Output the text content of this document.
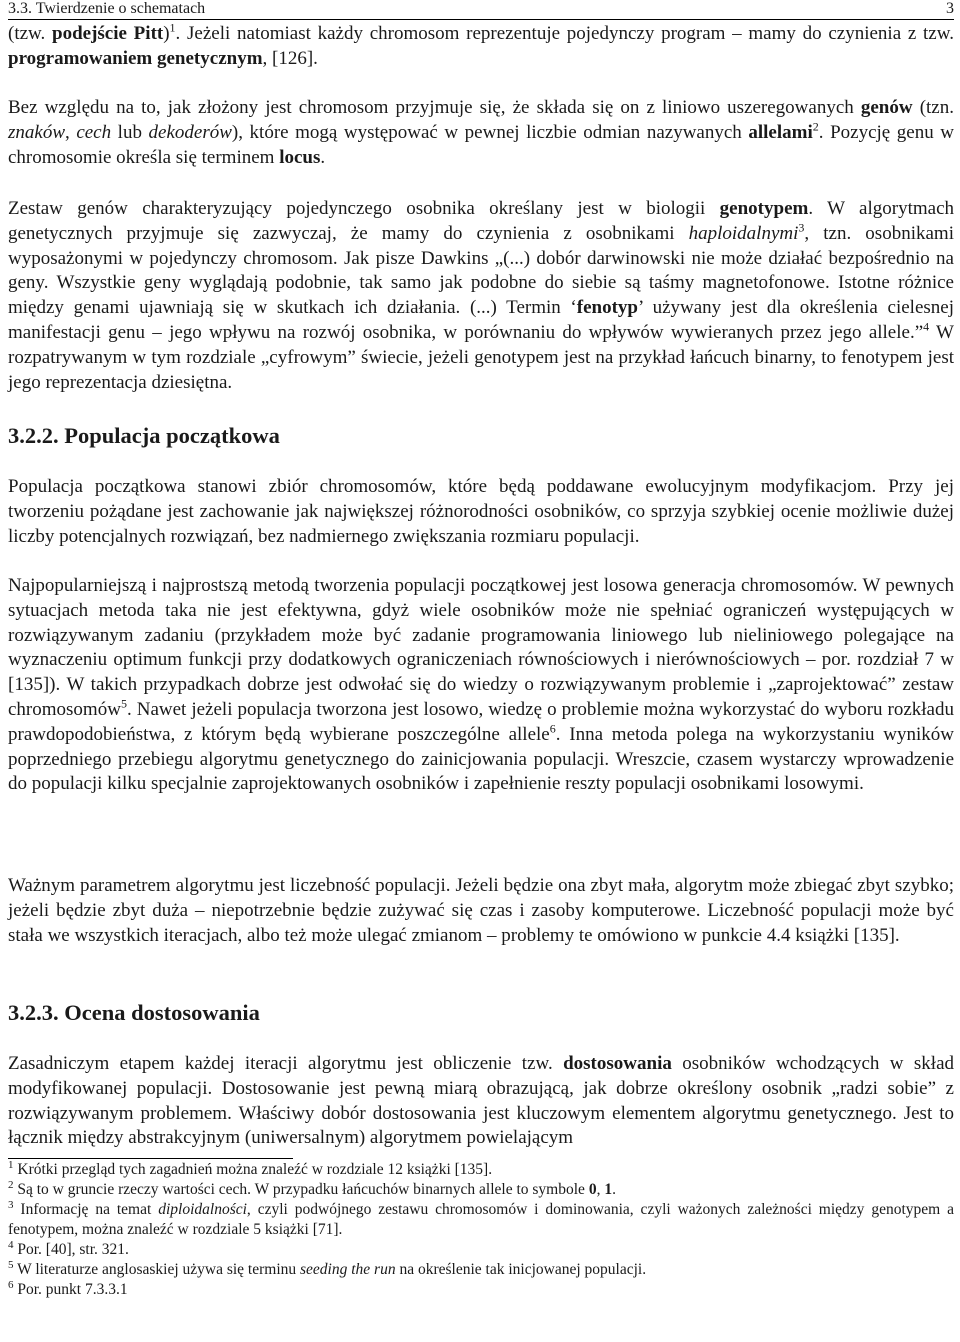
3.3. Twierdzenie o schematach	3

(tzw. podejście Pitt)$^1$. Jeżeli natomiast każdy chromosom reprezentuje pojedynczy program – mamy do czynienia z tzw. programowaniem genetycznym, [126].

Bez względu na to, jak złożony jest chromosom przyjmuje się, że składa się on z liniowo uszeregowanych genów (tzn. znaków, cech lub dekoderów), które mogą występować w pewnej liczbie odmian nazywanych allelami$^2$. Pozycję genu w chromosomie określa się terminem locus.

Zestaw genów charakteryzujący pojedynczego osobnika określany jest w biologii genotypem. W algorytmach genetycznych przyjmuje się zazwyczaj, że mamy do czynienia z osobnikami haploidalnymi$^3$, tzn. osobnikami wyposażonymi w pojedynczy chromosom. Jak pisze Dawkins „(...) dobór darwinowski nie może działać bezpośrednio na geny. Wszystkie geny wyglądają podobnie, tak samo jak podobne do siebie są taśmy magnetofonowe. Istotne różnice między genami ujawniają się w skutkach ich działania. (...) Termin ‘fenotyp’ używany jest dla określenia cielesnej manifestacji genu – jego wpływu na rozwój osobnika, w porównaniu do wpływów wywieranych przez jego allele.”$^4$ W rozpatrywanym w tym rozdziale „cyfrowym” świecie, jeżeli genotypem jest na przykład łańcuch binarny, to fenotypem jest jego reprezentacja dziesiętna.

3.2.2. Populacja początkowa

Populacja początkowa stanowi zbiór chromosomów, które będą poddawane ewolucyjnym modyfikacjom. Przy jej tworzeniu pożądane jest zachowanie jak największej różnorodności osobników, co sprzyja szybkiej ocenie możliwie dużej liczby potencjalnych rozwiązań, bez nadmiernego zwiększania rozmiaru populacji.

Najpopularniejszą i najprostszą metodą tworzenia populacji początkowej jest losowa generacja chromosomów. W pewnych sytuacjach metoda taka nie jest efektywna, gdyż wiele osobników może nie spełniać ograniczeń występujących w rozwiązywanym zadaniu (przykładem może być zadanie programowania liniowego lub nieliniowego polegające na wyznaczeniu optimum funkcji przy dodatkowych ograniczeniach równościowych i nierównościowych – por. rozdział 7 w [135]). W takich przypadkach dobrze jest odwołać się do wiedzy o rozwiązywanym problemie i „zaprojektować” zestaw chromosomów$^5$. Nawet jeżeli populacja tworzona jest losowo, wiedzę o problemie można wykorzystać do wyboru rozkładu prawdopodobieństwa, z którym będą wybierane poszczególne allele$^6$. Inna metoda polega na wykorzystaniu wyników poprzedniego przebiegu algorytmu genetycznego do zainicjowania populacji. Wreszcie, czasem wystarczy wprowadzenie do populacji kilku specjalnie zaprojektowanych osobników i zapełnienie reszty populacji osobnikami losowymi.

Ważnym parametrem algorytmu jest liczebność populacji. Jeżeli będzie ona zbyt mała, algorytm może zbiegać zbyt szybko; jeżeli będzie zbyt duża – niepotrzebnie będzie zużywać się czas i zasoby komputerowe. Liczebność populacji może być stała we wszystkich iteracjach, albo też może ulegać zmianom – problemy te omówiono w punkcie 4.4 książki [135].

3.2.3. Ocena dostosowania

Zasadniczym etapem każdej iteracji algorytmu jest obliczenie tzw. dostosowania osobników wchodzących w skład modyfikowanej populacji. Dostosowanie jest pewną miarą obrazującą, jak dobrze określony osobnik „radzi sobie” z rozwiązywanym problemem. Właściwy dobór dostosowania jest kluczowym elementem algorytmu genetycznego. Jest to łącznik między abstrakcyjnym (uniwersalnym) algorytmem powielającym

$^1$ Krótki przegląd tych zagadnień można znaleźć w rozdziale 12 książki [135].

$^2$ Są to w gruncie rzeczy wartości cech. W przypadku łańcuchów binarnych allele to symbole 0, 1.

$^3$ Informację na temat diploidalności, czyli podwójnego zestawu chromosomów i dominowania, czyli ważonych zależności między genotypem a fenotypem, można znaleźć w rozdziale 5 książki [71].

$^4$ Por. [40], str. 321.

$^5$ W literaturze anglosaskiej używa się terminu seeding the run na określenie tak inicjowanej populacji.

$^6$ Por. punkt 7.3.3.1
